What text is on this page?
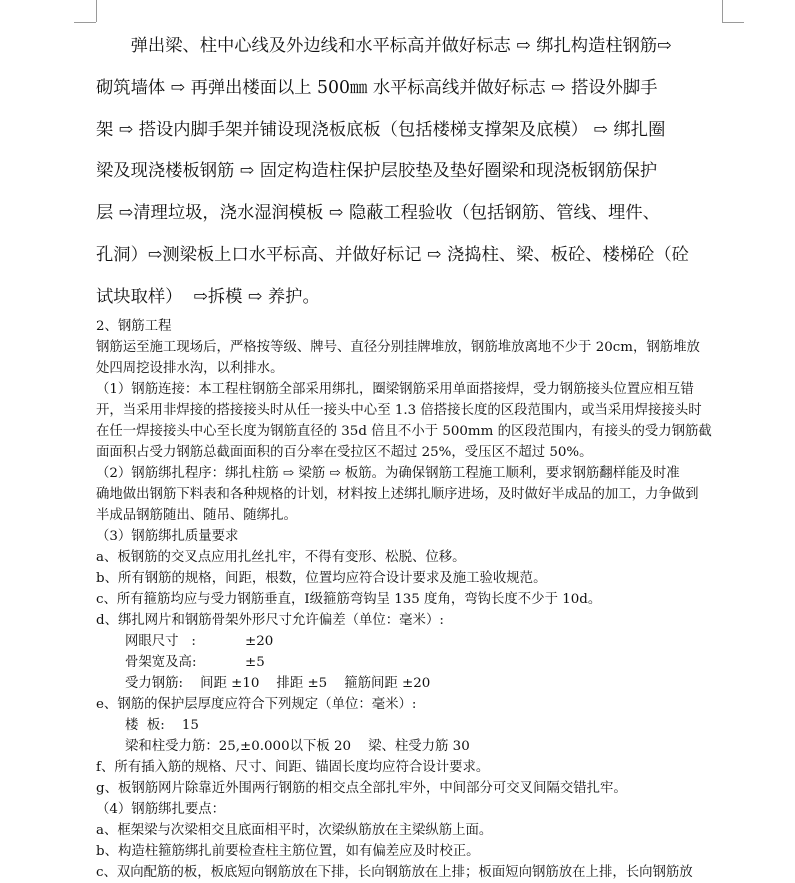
　　弹出梁、柱中心线及外边线和水平标高并做好标志 ⇨ 绑扎构造柱钢筋⇨

砌筑墙体 ⇨ 再弹出楼面以上 500㎜ 水平标高线并做好标志 ⇨ 搭设外脚手

架 ⇨ 搭设内脚手架并铺设现浇板底板（包括楼梯支撑架及底模） ⇨ 绑扎圈

梁及现浇楼板钢筋 ⇨ 固定构造柱保护层胶垫及垫好圈梁和现浇板钢筋保护

层 ⇨清理垃圾，浇水湿润模板 ⇨ 隐蔽工程验收（包括钢筋、管线、埋件、

孔洞）⇨测梁板上口水平标高、并做好标记 ⇨ 浇捣柱、梁、板砼、楼梯砼（砼

试块取样）  ⇨拆模 ⇨ 养护。

2、钢筋工程

钢筋运至施工现场后，严格按等级、牌号、直径分别挂牌堆放，钢筋堆放离地不少于 20cm，钢筋堆放

处四周挖设排水沟，以利排水。

（1）钢筋连接：本工程柱钢筋全部采用绑扎，圈梁钢筋采用单面搭接焊，受力钢筋接头位置应相互错

开，当采用非焊接的搭接接头时从任一接头中心至 1.3 倍搭接长度的区段范围内，或当采用焊接接头时

在任一焊接接头中心至长度为钢筋直径的 35d 倍且不小于 500mm 的区段范围内，有接头的受力钢筋截

面面积占受力钢筋总截面面积的百分率在受拉区不超过 25%，受压区不超过 50%。

（2）钢筋绑扎程序：绑扎柱筋 ⇨ 梁筋 ⇨ 板筋。为确保钢筋工程施工顺利，要求钢筋翻样能及时准

确地做出钢筋下料表和各种规格的计划，材料按上述绑扎顺序进场，及时做好半成品的加工，力争做到

半成品钢筋随出、随吊、随绑扎。

（3）钢筋绑扎质量要求

a、板钢筋的交叉点应用扎丝扎牢，不得有变形、松脱、位移。

b、所有钢筋的规格，间距，根数，位置均应符合设计要求及施工验收规范。

c、所有箍筋均应与受力钢筋垂直，Ⅰ级箍筋弯钩呈 135 度角，弯钩长度不少于 10d。

d、绑扎网片和钢筋骨架外形尺寸允许偏差（单位：毫米）:

网眼尺寸   :	±20

骨架宽及高:	±5

受力钢筋:    间距 ±10    排距 ±5    箍筋间距 ±20

e、钢筋的保护层厚度应符合下列规定（单位：毫米）:

楼  板:    15

梁和柱受力筋：25,±0.000以下板 20    梁、柱受力筋 30

f、所有插入筋的规格、尺寸、间距、锚固长度均应符合设计要求。

g、板钢筋网片除靠近外围两行钢筋的相交点全部扎牢外，中间部分可交叉间隔交错扎牢。

（4）钢筋绑扎要点：

a、框架梁与次梁相交且底面相平时，次梁纵筋放在主梁纵筋上面。

b、构造柱箍筋绑扎前要检查柱主筋位置，如有偏差应及时校正。

c、双向配筋的板，板底短向钢筋放在下排，长向钢筋放在上排；板面短向钢筋放在上排，长向钢筋放
